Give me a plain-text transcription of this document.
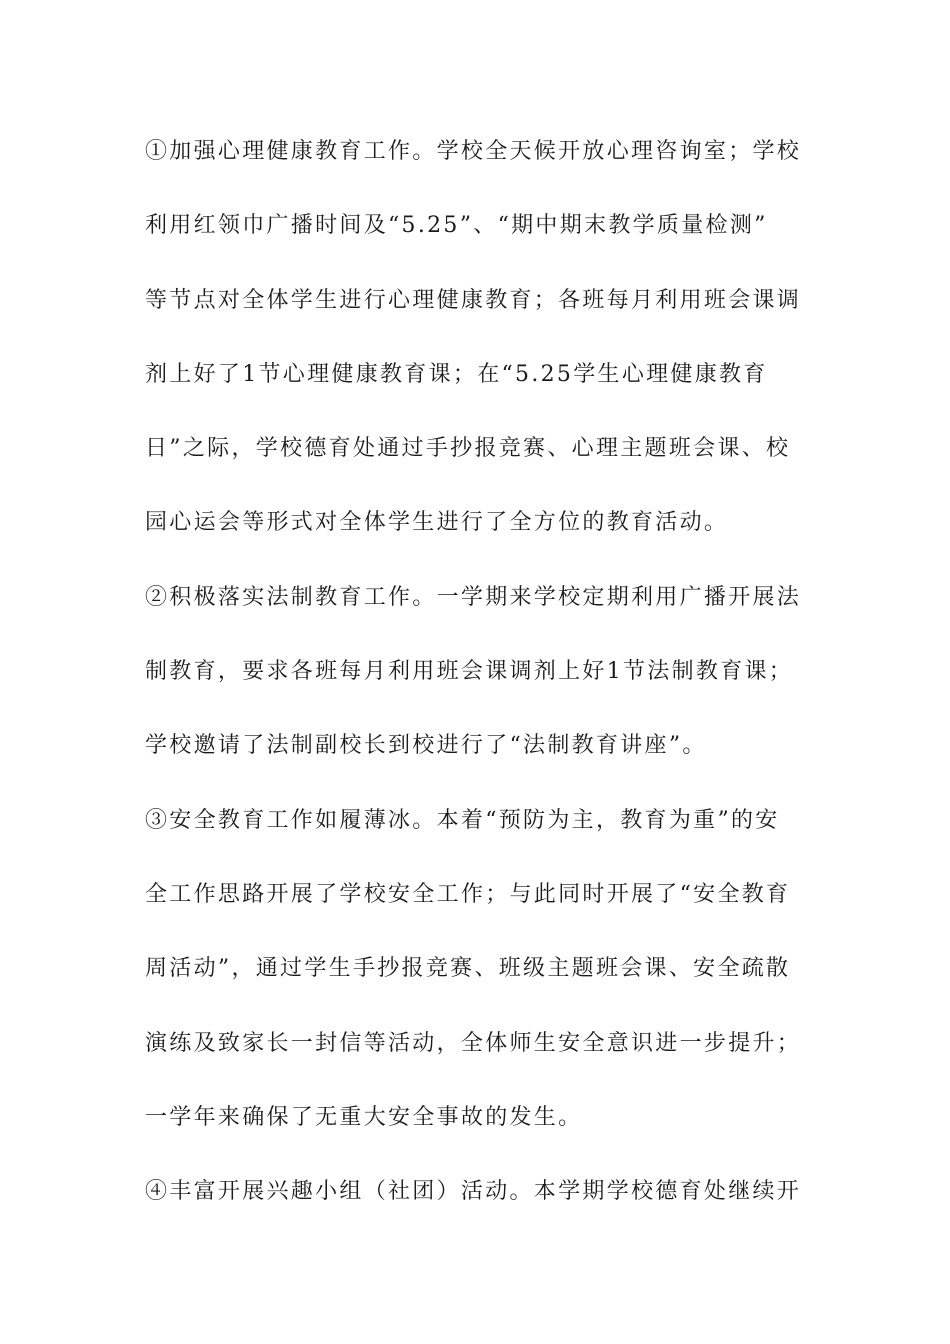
①加强心理健康教育工作。学校全天候开放心理咨询室；学校
利用红领巾广播时间及“5.25”、“期中期末教学质量检测”
等节点对全体学生进行心理健康教育；各班每月利用班会课调
剂上好了1节心理健康教育课；在“5.25学生心理健康教育
日”之际，学校德育处通过手抄报竞赛、心理主题班会课、校
园心运会等形式对全体学生进行了全方位的教育活动。
②积极落实法制教育工作。一学期来学校定期利用广播开展法
制教育，要求各班每月利用班会课调剂上好1节法制教育课；
学校邀请了法制副校长到校进行了“法制教育讲座”。
③安全教育工作如履薄冰。本着“预防为主，教育为重”的安
全工作思路开展了学校安全工作；与此同时开展了“安全教育
周活动”，通过学生手抄报竞赛、班级主题班会课、安全疏散
演练及致家长一封信等活动，全体师生安全意识进一步提升；
一学年来确保了无重大安全事故的发生。
④丰富开展兴趣小组（社团）活动。本学期学校德育处继续开
